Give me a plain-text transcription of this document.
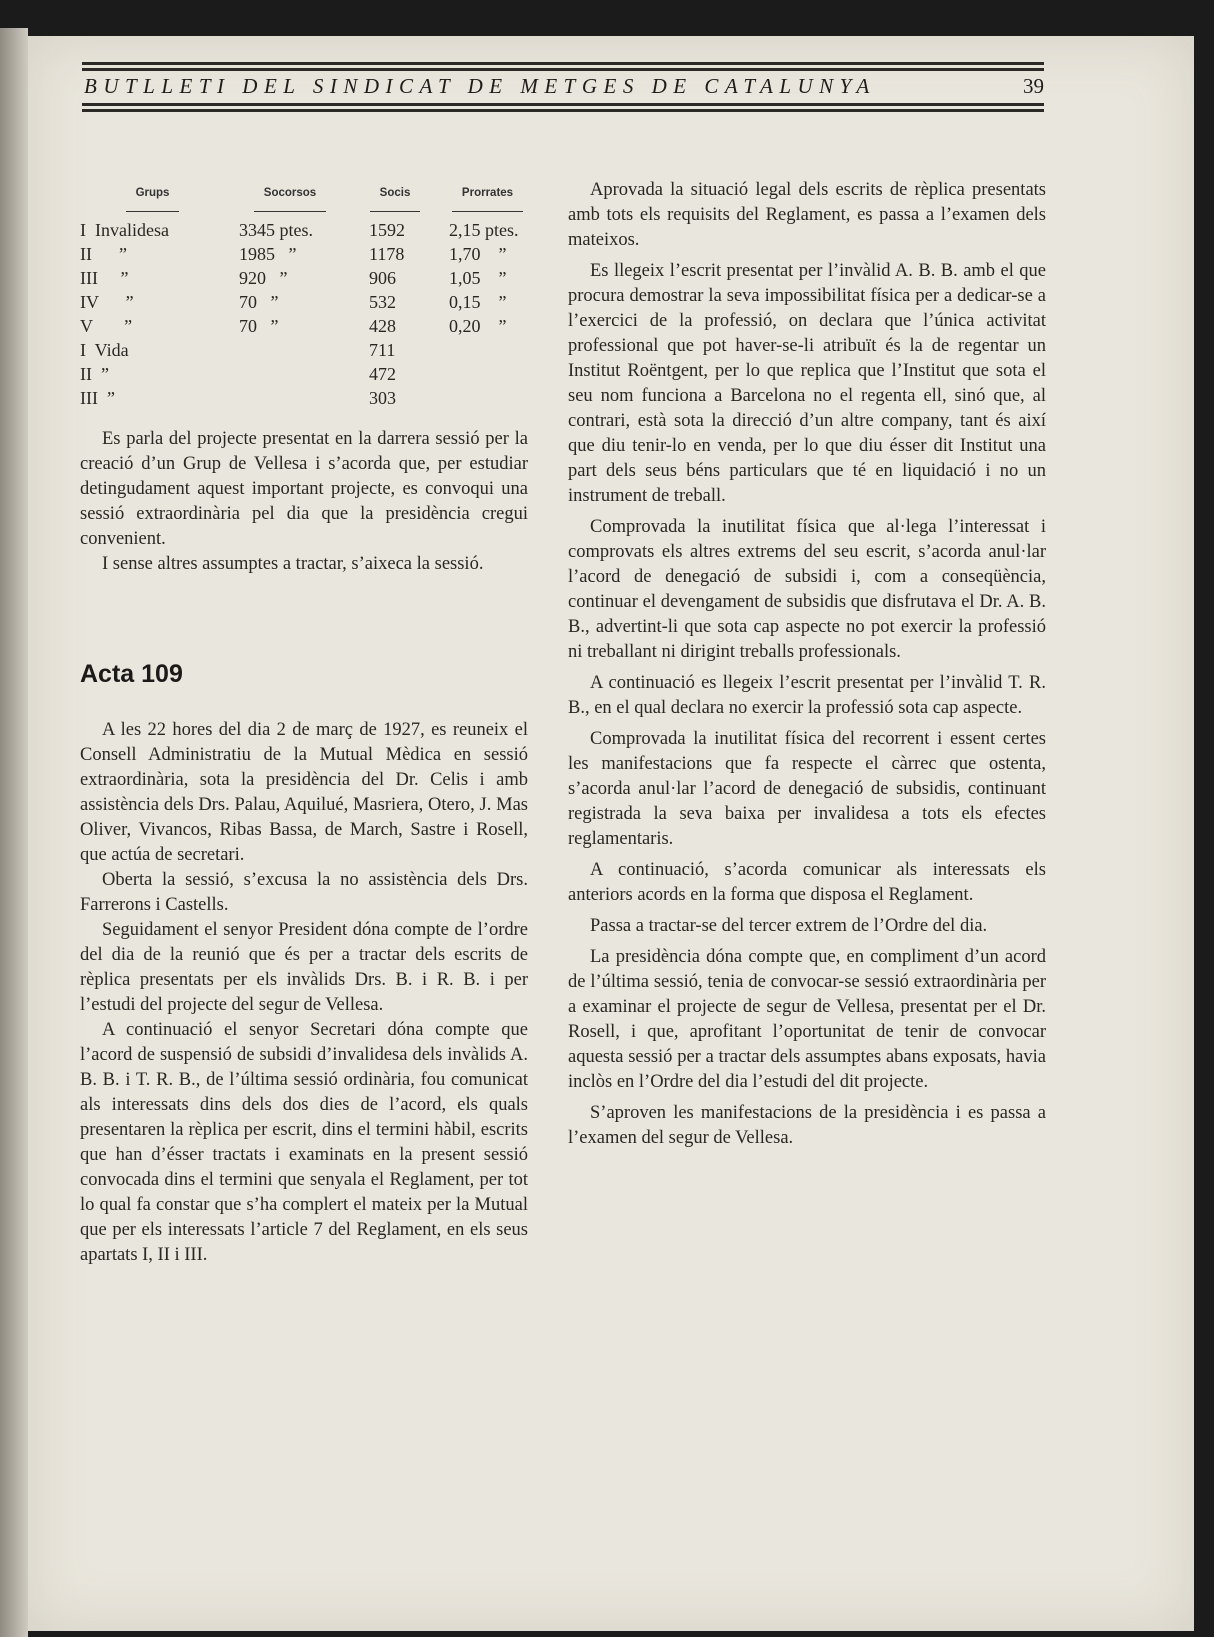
BUTLLETI DEL SINDICAT DE METGES DE CATALUNYA	39
Grups	Socorsos	Socis	Prorrates
I  Invalidesa	3345 ptes.	1592	2,15 ptes.
II      ”	1985   ”	1178	1,70    ”
III     ”	920   ”	906	1,05    ”
IV      ”	70   ”	532	0,15    ”
V       ”	70   ”	428	0,20    ”
I  Vida		711	
II  ”		472	
III  ”		303	

Es parla del projecte presentat en la darrera sessió per la creació d’un Grup de Vellesa i s’acorda que, per estudiar detingudament aquest important projecte, es convoqui una sessió extraordinària pel dia que la presidència cregui convenient.

I sense altres assumptes a tractar, s’aixeca la sessió.

Acta 109

A les 22 hores del dia 2 de març de 1927, es reuneix el Consell Administratiu de la Mutual Mèdica en sessió extraordinària, sota la presidència del Dr. Celis i amb assistència dels Drs. Palau, Aquilué, Masriera, Otero, J. Mas Oliver, Vivancos, Ribas Bassa, de March, Sastre i Rosell, que actúa de secretari.

Oberta la sessió, s’excusa la no assistència dels Drs. Farrerons i Castells.

Seguidament el senyor President dóna compte de l’ordre del dia de la reunió que és per a tractar dels escrits de rèplica presentats per els invàlids Drs. B. i R. B. i per l’estudi del projecte del segur de Vellesa.

A continuació el senyor Secretari dóna compte que l’acord de suspensió de subsidi d’invalidesa dels invàlids A. B. B. i T. R. B., de l’última sessió ordinària, fou comunicat als interessats dins dels dos dies de l’acord, els quals presentaren la rèplica per escrit, dins el termini hàbil, escrits que han d’ésser tractats i examinats en la present sessió convocada dins el termini que senyala el Reglament, per tot lo qual fa constar que s’ha complert el mateix per la Mutual que per els interessats l’article 7 del Reglament, en els seus apartats I, II i III.

Aprovada la situació legal dels escrits de rèplica presentats amb tots els requisits del Reglament, es passa a l’examen dels mateixos.

Es llegeix l’escrit presentat per l’invàlid A. B. B. amb el que procura demostrar la seva impossibilitat física per a dedicar-se a l’exercici de la professió, on declara que l’única activitat professional que pot haver-se-li atribuït és la de regentar un Institut Roëntgent, per lo que replica que l’Institut que sota el seu nom funciona a Barcelona no el regenta ell, sinó que, al contrari, està sota la direcció d’un altre company, tant és així que diu tenir-lo en venda, per lo que diu ésser dit Institut una part dels seus béns particulars que té en liquidació i no un instrument de treball.

Comprovada la inutilitat física que al·lega l’interessat i comprovats els altres extrems del seu escrit, s’acorda anul·lar l’acord de denegació de subsidi i, com a conseqüència, continuar el devengament de subsidis que disfrutava el Dr. A. B. B., advertint-li que sota cap aspecte no pot exercir la professió ni treballant ni dirigint treballs professionals.

A continuació es llegeix l’escrit presentat per l’invàlid T. R. B., en el qual declara no exercir la professió sota cap aspecte.

Comprovada la inutilitat física del recorrent i essent certes les manifestacions que fa respecte el càrrec que ostenta, s’acorda anul·lar l’acord de denegació de subsidis, continuant registrada la seva baixa per invalidesa a tots els efectes reglamentaris.

A continuació, s’acorda comunicar als interessats els anteriors acords en la forma que disposa el Reglament.

Passa a tractar-se del tercer extrem de l’Ordre del dia.

La presidència dóna compte que, en compliment d’un acord de l’última sessió, tenia de convocar-se sessió extraordinària per a examinar el projecte de segur de Vellesa, presentat per el Dr. Rosell, i que, aprofitant l’oportunitat de tenir de convocar aquesta sessió per a tractar dels assumptes abans exposats, havia inclòs en l’Ordre del dia l’estudi del dit projecte.

S’aproven les manifestacions de la presidència i es passa a l’examen del segur de Vellesa.
